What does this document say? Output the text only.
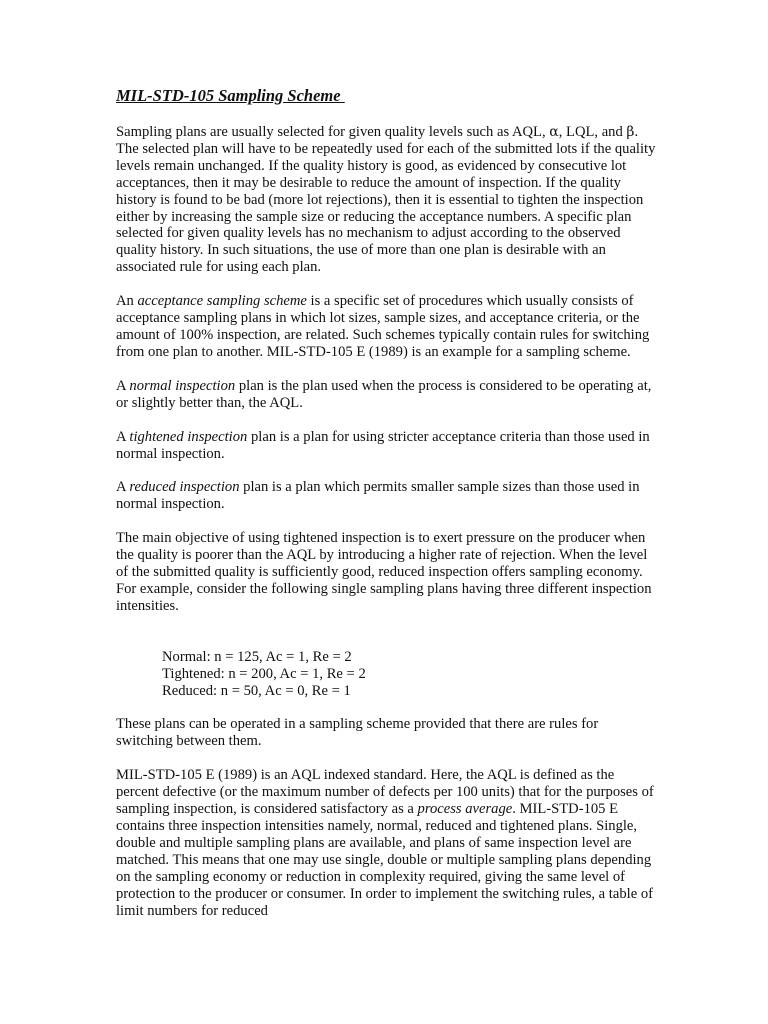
MIL-STD-105 Sampling Scheme

Sampling plans are usually selected for given quality levels such as AQL, α, LQL, and β. The selected plan will have to be repeatedly used for each of the submitted lots if the quality levels remain unchanged. If the quality history is good, as evidenced by consecutive lot acceptances, then it may be desirable to reduce the amount of inspection. If the quality history is found to be bad (more lot rejections), then it is essential to tighten the inspection either by increasing the sample size or reducing the acceptance numbers. A specific plan selected for given quality levels has no mechanism to adjust according to the observed quality history. In such situations, the use of more than one plan is desirable with an associated rule for using each plan.

An acceptance sampling scheme is a specific set of procedures which usually consists of acceptance sampling plans in which lot sizes, sample sizes, and acceptance criteria, or the amount of 100% inspection, are related. Such schemes typically contain rules for switching from one plan to another. MIL-STD-105 E (1989) is an example for a sampling scheme.

A normal inspection plan is the plan used when the process is considered to be operating at, or slightly better than, the AQL.

A tightened inspection plan is a plan for using stricter acceptance criteria than those used in normal inspection.

A reduced inspection plan is a plan which permits smaller sample sizes than those used in normal inspection.

The main objective of using tightened inspection is to exert pressure on the producer when the quality is poorer than the AQL by introducing a higher rate of rejection. When the level of the submitted quality is sufficiently good, reduced inspection offers sampling economy. For example, consider the following single sampling plans having three different inspection intensities.

Normal: n = 125, Ac = 1, Re = 2
Tightened: n = 200, Ac = 1, Re = 2
Reduced: n = 50, Ac = 0, Re = 1

These plans can be operated in a sampling scheme provided that there are rules for switching between them.

MIL-STD-105 E (1989) is an AQL indexed standard. Here, the AQL is defined as the percent defective (or the maximum number of defects per 100 units) that for the purposes of sampling inspection, is considered satisfactory as a process average. MIL-STD-105 E contains three inspection intensities namely, normal, reduced and tightened plans. Single, double and multiple sampling plans are available, and plans of same inspection level are matched. This means that one may use single, double or multiple sampling plans depending on the sampling economy or reduction in complexity required, giving the same level of protection to the producer or consumer. In order to implement the switching rules, a table of limit numbers for reduced
